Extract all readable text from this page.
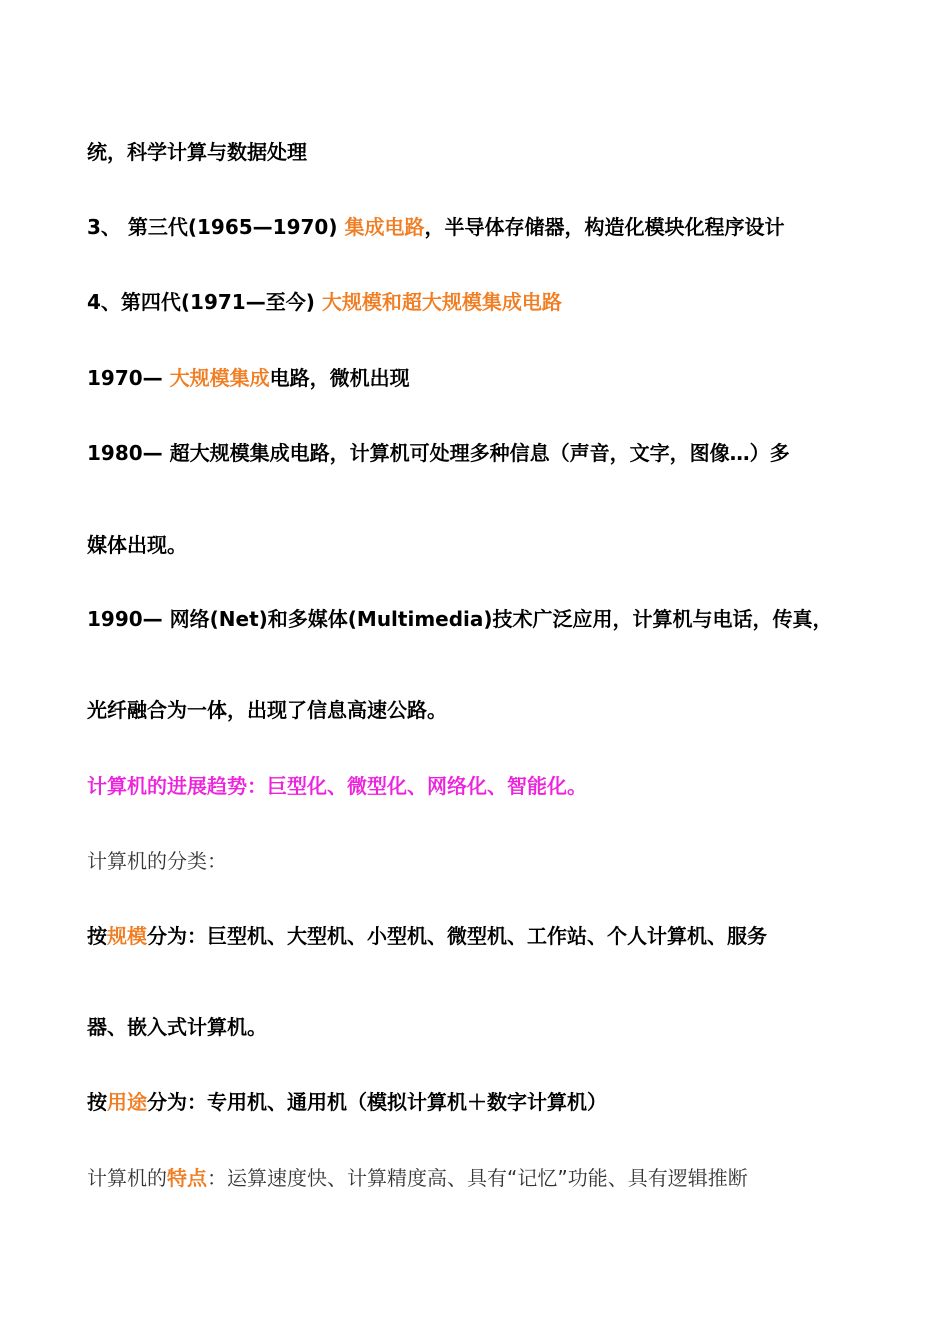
统，科学计算与数据处理
3、 第三代(1965—1970) 集成电路，半导体存储器，构造化模块化程序设计
4、第四代(1971—至今) 大规模和超大规模集成电路
1970— 大规模集成电路，微机出现
1980— 超大规模集成电路，计算机可处理多种信息（声音，文字，图像…）多
媒体出现。
1990— 网络(Net)和多媒体(Multimedia)技术广泛应用，计算机与电话，传真，
光纤融合为一体，出现了信息高速公路。
计算机的进展趋势：巨型化、微型化、网络化、智能化。
计算机的分类：
按规模分为：巨型机、大型机、小型机、微型机、工作站、个人计算机、服务
器、嵌入式计算机。
按用途分为：专用机、通用机（模拟计算机＋数字计算机）
计算机的特点：运算速度快、计算精度高、具有“记忆”功能、具有逻辑推断
